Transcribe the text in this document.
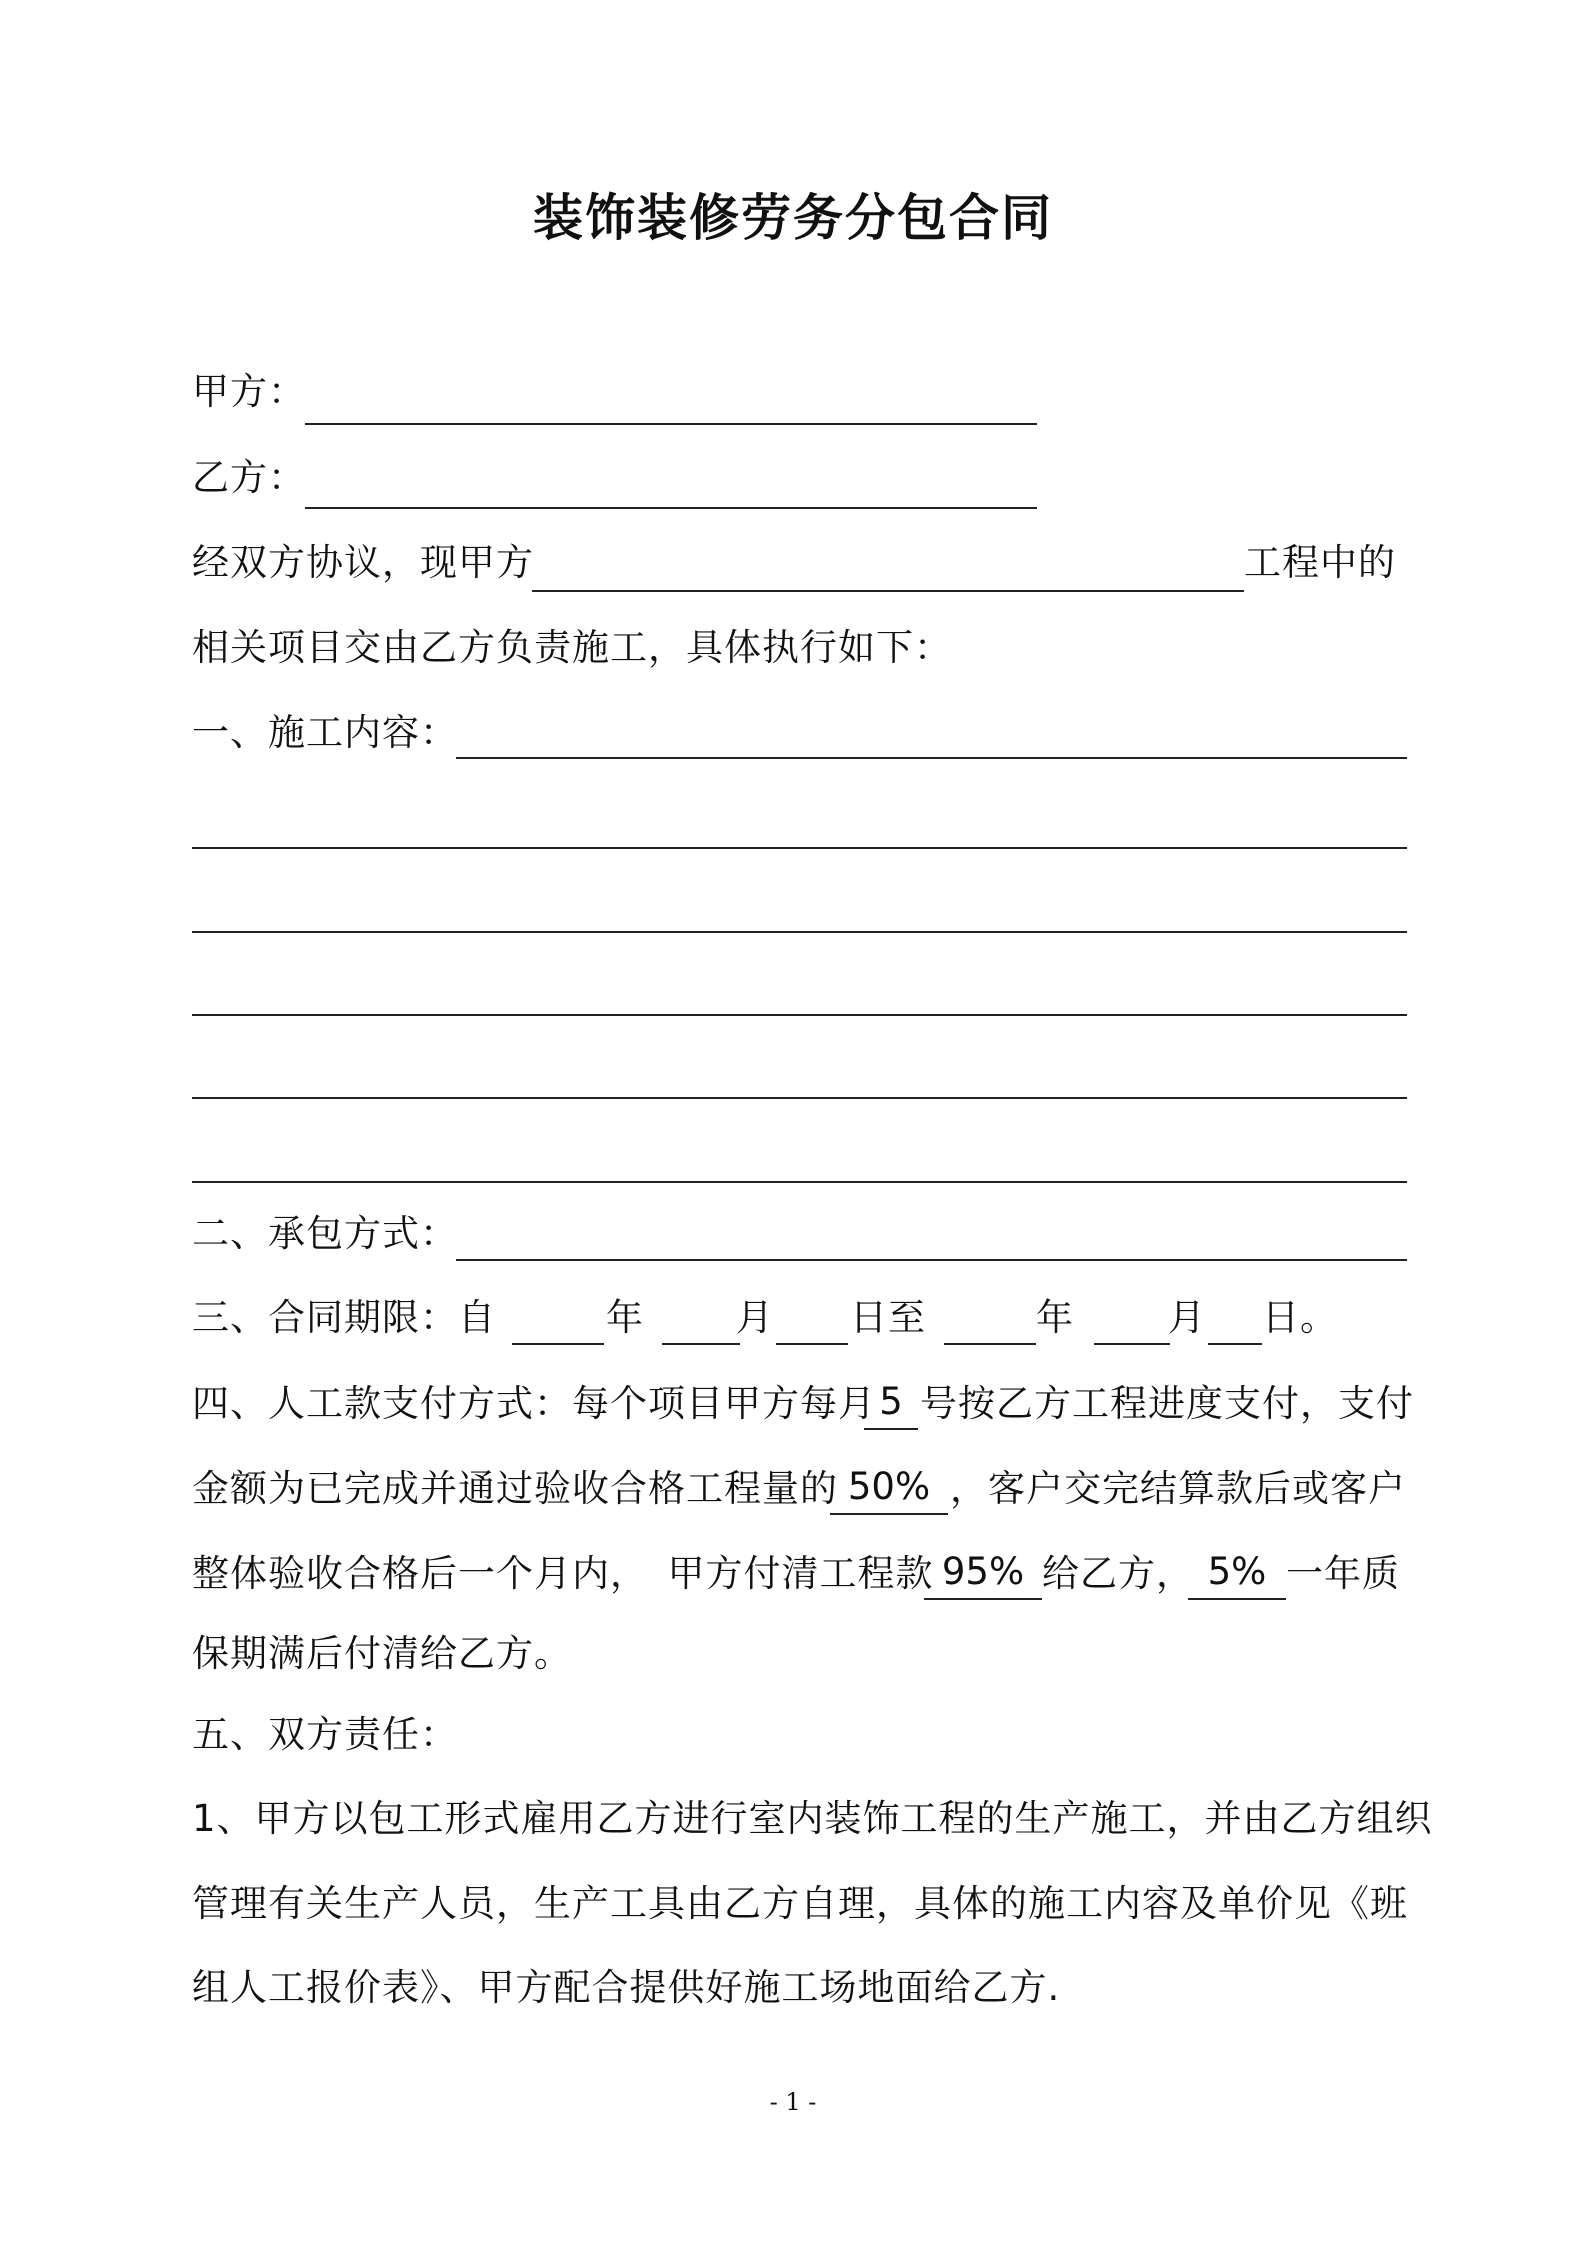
装饰装修劳务分包合同
甲方：
乙方：
经双方协议，现甲方	工程中的
相关项目交由乙方负责施工，具体执行如下：
一、施工内容：
二、承包方式：
三、合同期限：自	年 月 日至	年	月 日。
四、人工款支付方式：每个项目甲方每月 5 号按乙方工程进度支付，支付
金额为已完成并通过验收合格工程量的 50% ，客户交完结算款后或客户
整体验收合格后一个月内，　甲方付清工程款 95% 给乙方， 5% 一年质
保期满后付清给乙方。
五、双方责任：
1、甲方以包工形式雇用乙方进行室内装饰工程的生产施工，并由乙方组织
管理有关生产人员，生产工具由乙方自理，具体的施工内容及单价见《班
组人工报价表》、甲方配合提供好施工场地面给乙方.
- 1 -
